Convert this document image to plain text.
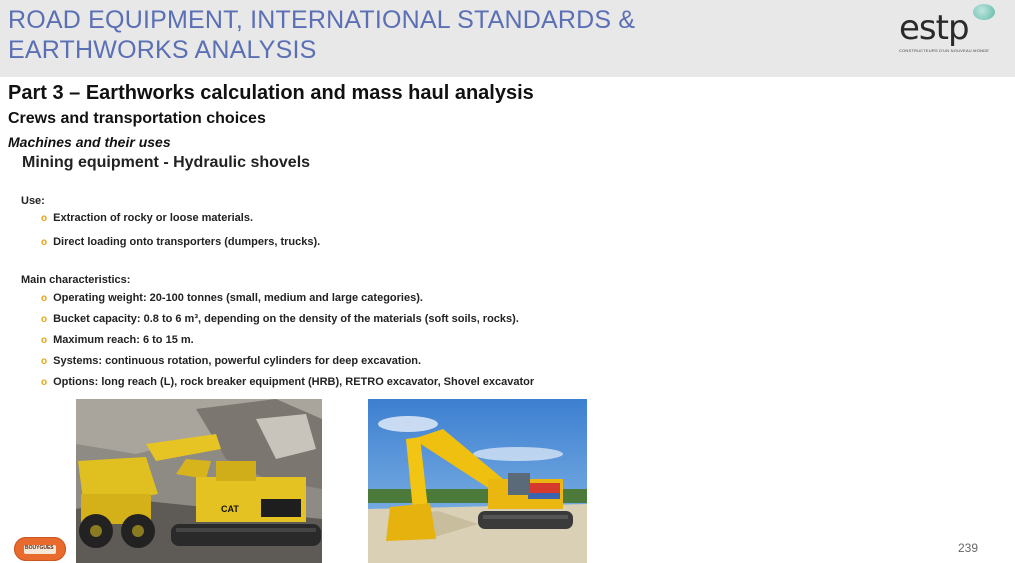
ROAD EQUIPMENT, INTERNATIONAL STANDARDS &
EARTHWORKS ANALYSIS
estp
CONSTRUCTEURS D'UN NOUVEAU MONDE
Part 3 – Earthworks calculation and mass haul analysis
Crews and transportation choices
Machines and their uses
Mining equipment - Hydraulic shovels
Use:
o Extraction of rocky or loose materials.
o Direct loading onto transporters (dumpers, trucks).
Main characteristics:
o Operating weight: 20-100 tonnes (small, medium and large categories).
o Bucket capacity: 0.8 to 6 m³, depending on the density of the materials (soft soils, rocks).
o Maximum reach: 6 to 15 m.
o Systems: continuous rotation, powerful cylinders for deep excavation.
o Options: long reach (L), rock breaker equipment (HRB), RETRO excavator, Shovel excavator
CAT
BOUYGUES	239
